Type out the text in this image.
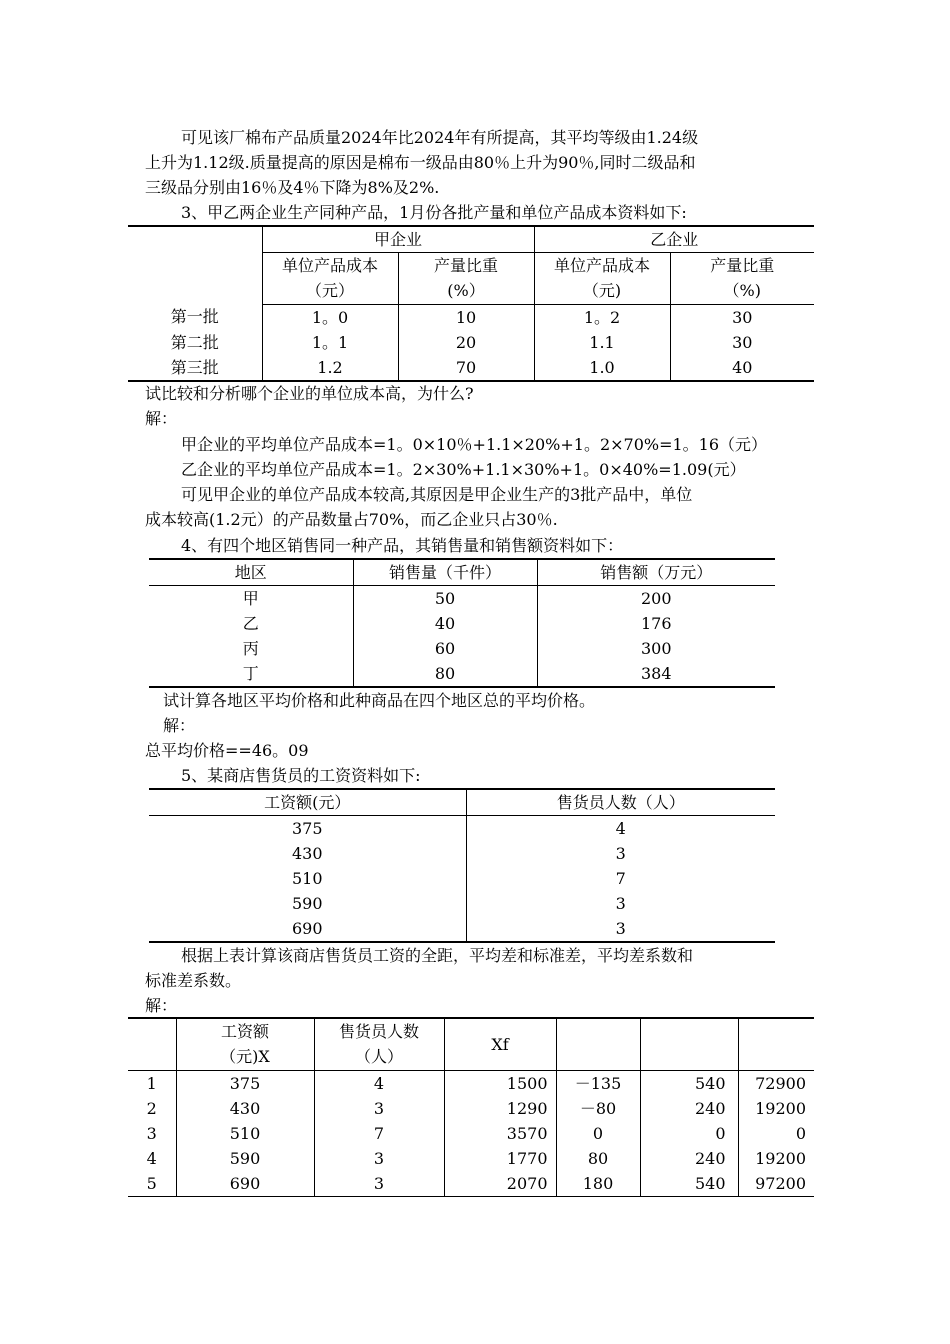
可见该厂棉布产品质量2024年比2024年有所提高，其平均等级由1.24级
上升为1.12级.质量提高的原因是棉布一级品由80％上升为90％,同时二级品和
三级品分别由16％及4％下降为8%及2%.
3、甲乙两企业生产同种产品，1月份各批产量和单位产品成本资料如下:
	甲企业		乙企业	
	单位产品成本	产量比重	单位产品成本	产量比重
	（元）	(%）	（元)	（%)
第一批	1。0	10	1。2	30
第二批	1。1	20	1.1	30
第三批	1.2	70	1.0	40
试比较和分析哪个企业的单位成本高，为什么?
解：
甲企业的平均单位产品成本=1。0×10％+1.1×20%+1。2×70%=1。16（元）
乙企业的平均单位产品成本=1。2×30%+1.1×30%+1。0×40%=1.09(元）
可见甲企业的单位产品成本较高,其原因是甲企业生产的3批产品中，单位
成本较高(1.2元）的产品数量占70%，而乙企业只占30％.
4、有四个地区销售同一种产品，其销售量和销售额资料如下：
地区	销售量（千件）	销售额（万元）
甲	50	200
乙	40	176
丙	60	300
丁	80	384
试计算各地区平均价格和此种商品在四个地区总的平均价格。
解：
总平均价格==46。09
5、某商店售货员的工资资料如下:
工资额(元）	售货员人数（人）
375	4
430	3
510	7
590	3
690	3
根据上表计算该商店售货员工资的全距，平均差和标准差，平均差系数和
标准差系数。
解：
	工资额	售货员人数	Xf			
	（元)X	（人）				
1	375	4	1500	－135	540	72900
2	430	3	1290	－80	240	19200
3	510	7	3570	0	0	0
4	590	3	1770	80	240	19200
5	690	3	2070	180	540	97200
